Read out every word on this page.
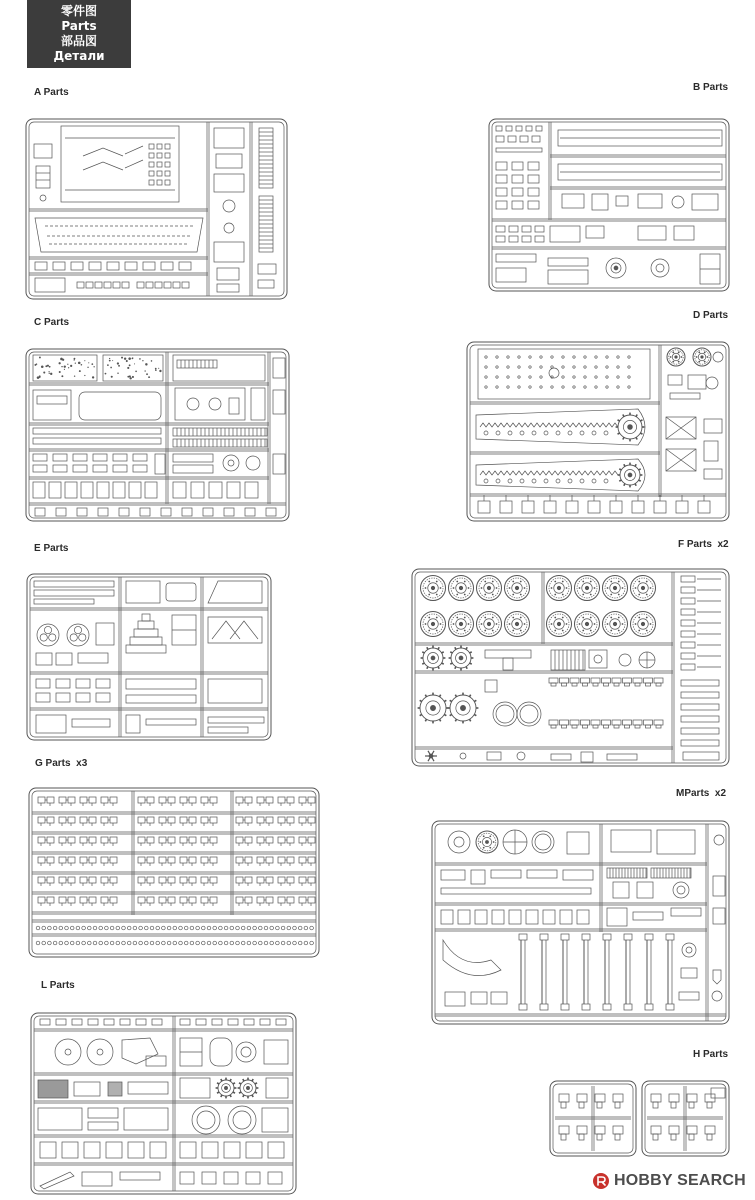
零件图
Parts
部品図
Детали
A Parts	B Parts
C Parts
D Parts
E Parts	F Parts  x2
G Parts  x3
MParts  x2
L Parts
H Parts
HOBBY SEARCH
